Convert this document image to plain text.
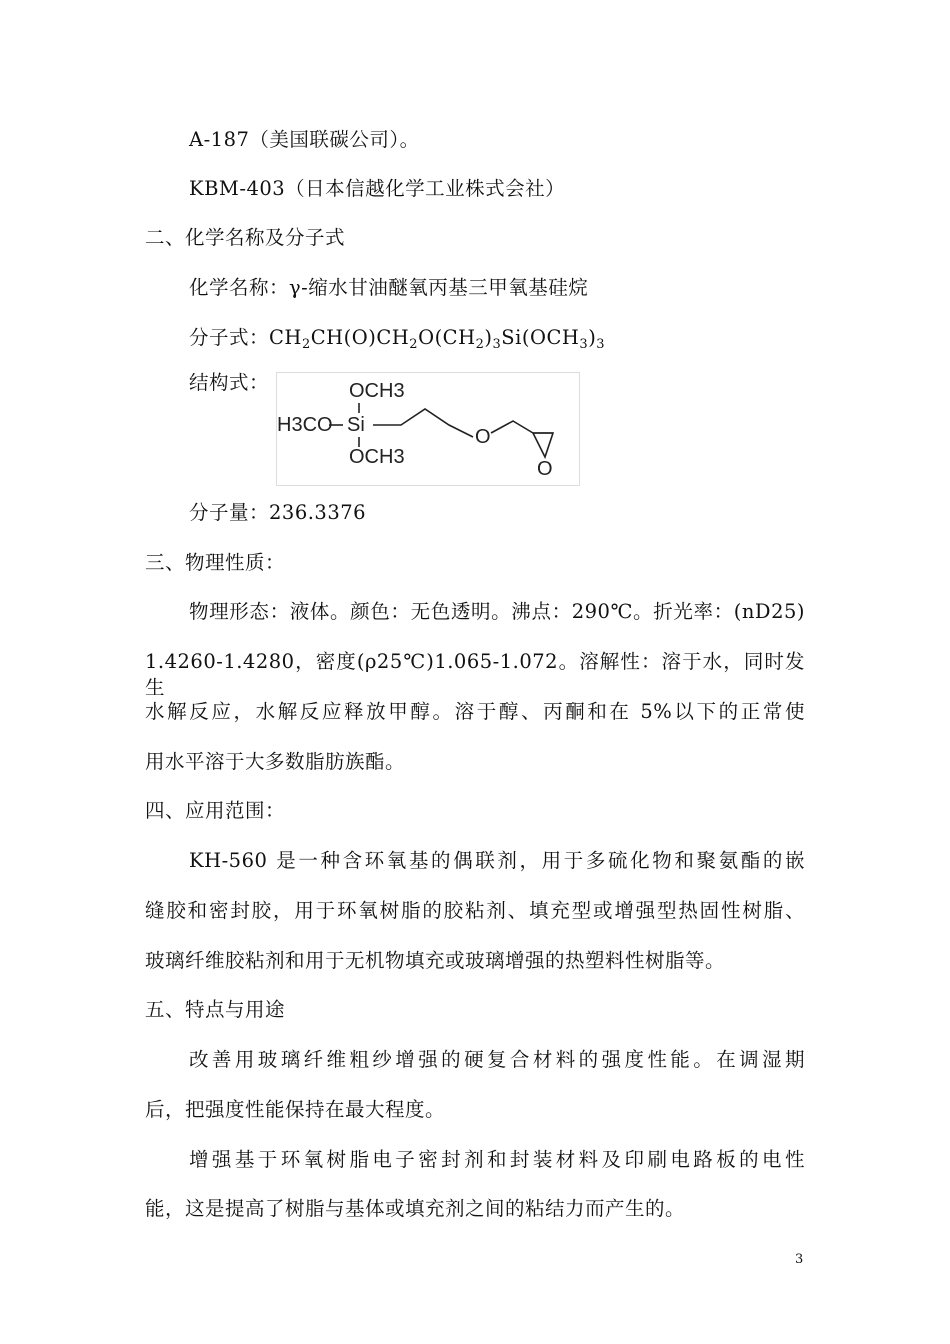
A-187（美国联碳公司）。
KBM-403（日本信越化学工业株式会社）
二、化学名称及分子式
化学名称：γ-缩水甘油醚氧丙基三甲氧基硅烷
分子式：$CH_2CH(O)CH_2O(CH_2)_3Si(OCH_3)_3$
结构式：	OCH3
H3CO Si
OCH3
O
O
分子量：236.3376
三、物理性质：
物理形态：液体。颜色：无色透明。沸点：290℃。折光率：(nD25)
1.4260-1.4280，密度(ρ25℃)1.065-1.072。溶解性：溶于水，同时发生
水解反应，水解反应释放甲醇。溶于醇、丙酮和在 5%以下的正常使
用水平溶于大多数脂肪族酯。
四、应用范围：
KH-560 是一种含环氧基的偶联剂，用于多硫化物和聚氨酯的嵌
缝胶和密封胶，用于环氧树脂的胶粘剂、填充型或增强型热固性树脂、
玻璃纤维胶粘剂和用于无机物填充或玻璃增强的热塑料性树脂等。
五、特点与用途
改善用玻璃纤维粗纱增强的硬复合材料的强度性能。在调湿期
后，把强度性能保持在最大程度。
增强基于环氧树脂电子密封剂和封装材料及印刷电路板的电性
能，这是提高了树脂与基体或填充剂之间的粘结力而产生的。
3
